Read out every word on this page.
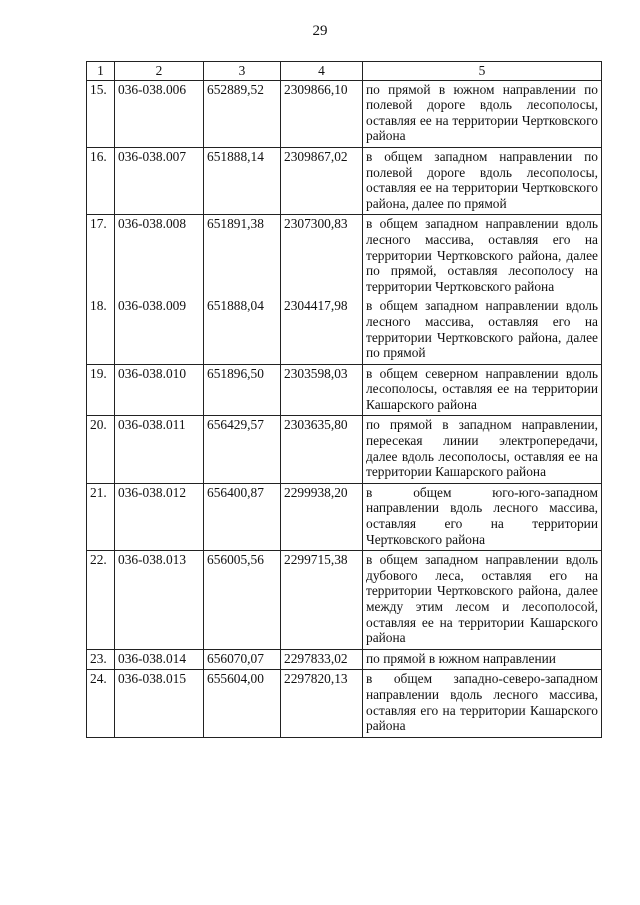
29
1	2	3	4	5
15.	036-038.006	652889,52	2309866,10	по прямой в южном направлении по полевой дороге вдоль лесополосы, оставляя ее на территории Чертковского района
16.	036-038.007	651888,14	2309867,02	в общем западном направлении по полевой дороге вдоль лесополосы, оставляя ее на территории Чертковского района, далее по прямой
17.	036-038.008	651891,38	2307300,83	в общем западном направлении вдоль лесного массива, оставляя его на территории Чертковского района, далее по прямой, оставляя лесополосу на территории Чертковского района
18.	036-038.009	651888,04	2304417,98	в общем западном направлении вдоль лесного массива, оставляя его на территории Чертковского района, далее по прямой
19.	036-038.010	651896,50	2303598,03	в общем северном направлении вдоль лесополосы, оставляя ее на территории Кашарского района
20.	036-038.011	656429,57	2303635,80	по прямой в западном направлении, пересекая линии электропередачи, далее вдоль лесополосы, оставляя ее на территории Кашарского района
21.	036-038.012	656400,87	2299938,20	в общем юго-юго-западном направлении вдоль лесного массива, оставляя его на территории Чертковского района
22.	036-038.013	656005,56	2299715,38	в общем западном направлении вдоль дубового леса, оставляя его на территории Чертковского района, далее между этим лесом и лесополосой, оставляя ее на территории Кашарского района
23.	036-038.014	656070,07	2297833,02	по прямой в южном направлении
24.	036-038.015	655604,00	2297820,13	в общем западно-северо-западном направлении вдоль лесного массива, оставляя его на территории Кашарского района
